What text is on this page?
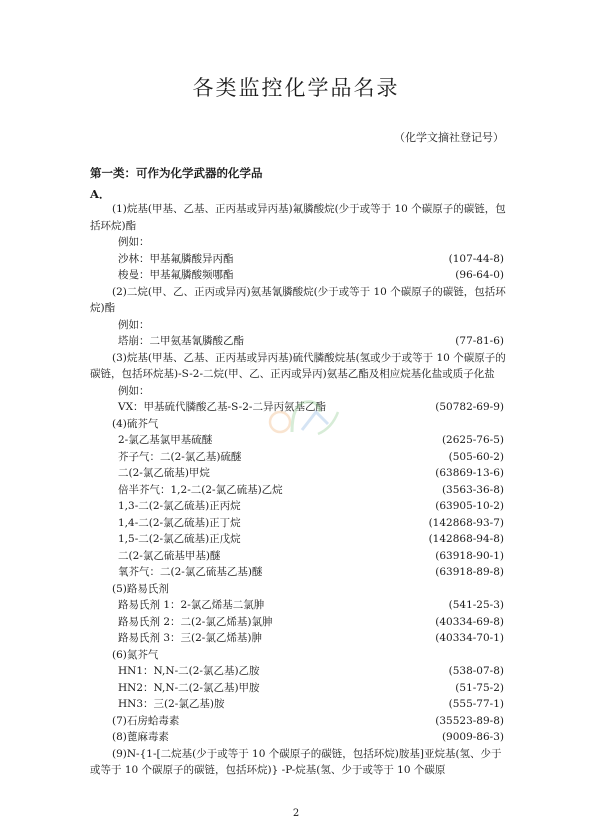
各类监控化学品名录
（化学文摘社登记号）
第一类：可作为化学武器的化学品
A．
(1)烷基(甲基、乙基、正丙基或异丙基)氟膦酸烷(少于或等于 10 个碳原子的碳链，包括环烷)酯
例如：
沙林：甲基氟膦酸异丙酯	(107-44-8)
梭曼：甲基氟膦酸频哪酯	(96-64-0)
(2)二烷(甲、乙、正丙或异丙)氨基氰膦酸烷(少于或等于 10 个碳原子的碳链，包括环烷)酯
例如：
塔崩：二甲氨基氰膦酸乙酯	(77-81-6)
(3)烷基(甲基、乙基、正丙基或异丙基)硫代膦酸烷基(氢或少于或等于 10 个碳原子的碳链，包括环烷基)-S-2-二烷(甲、乙、正丙或异丙)氨基乙酯及相应烷基化盐或质子化盐
例如：
VX：甲基硫代膦酸乙基-S-2-二异丙氨基乙酯	(50782-69-9)
(4)硫芥气
2-氯乙基氯甲基硫醚	(2625-76-5)
芥子气：二(2-氯乙基)硫醚	(505-60-2)
二(2-氯乙硫基)甲烷	(63869-13-6)
倍半芥气：1,2-二(2-氯乙硫基)乙烷	(3563-36-8)
1,3-二(2-氯乙硫基)正丙烷	(63905-10-2)
1,4-二(2-氯乙硫基)正丁烷	(142868-93-7)
1,5-二(2-氯乙硫基)正戊烷	(142868-94-8)
二(2-氯乙硫基甲基)醚	(63918-90-1)
氧芥气：二(2-氯乙硫基乙基)醚	(63918-89-8)
(5)路易氏剂
路易氏剂 1：2-氯乙烯基二氯胂	(541-25-3)
路易氏剂 2：二(2-氯乙烯基)氯胂	(40334-69-8)
路易氏剂 3：三(2-氯乙烯基)胂	(40334-70-1)
(6)氮芥气
HN1：N,N-二(2-氯乙基)乙胺	(538-07-8)
HN2：N,N-二(2-氯乙基)甲胺	(51-75-2)
HN3：三(2-氯乙基)胺	(555-77-1)
(7)石房蛤毒素	(35523-89-8)
(8)蓖麻毒素	(9009-86-3)
(9)N-{1-[二烷基(少于或等于 10 个碳原子的碳链，包括环烷)胺基]亚烷基(氢、少于或等于 10 个碳原子的碳链，包括环烷)} -P-烷基(氢、少于或等于 10 个碳原
2
